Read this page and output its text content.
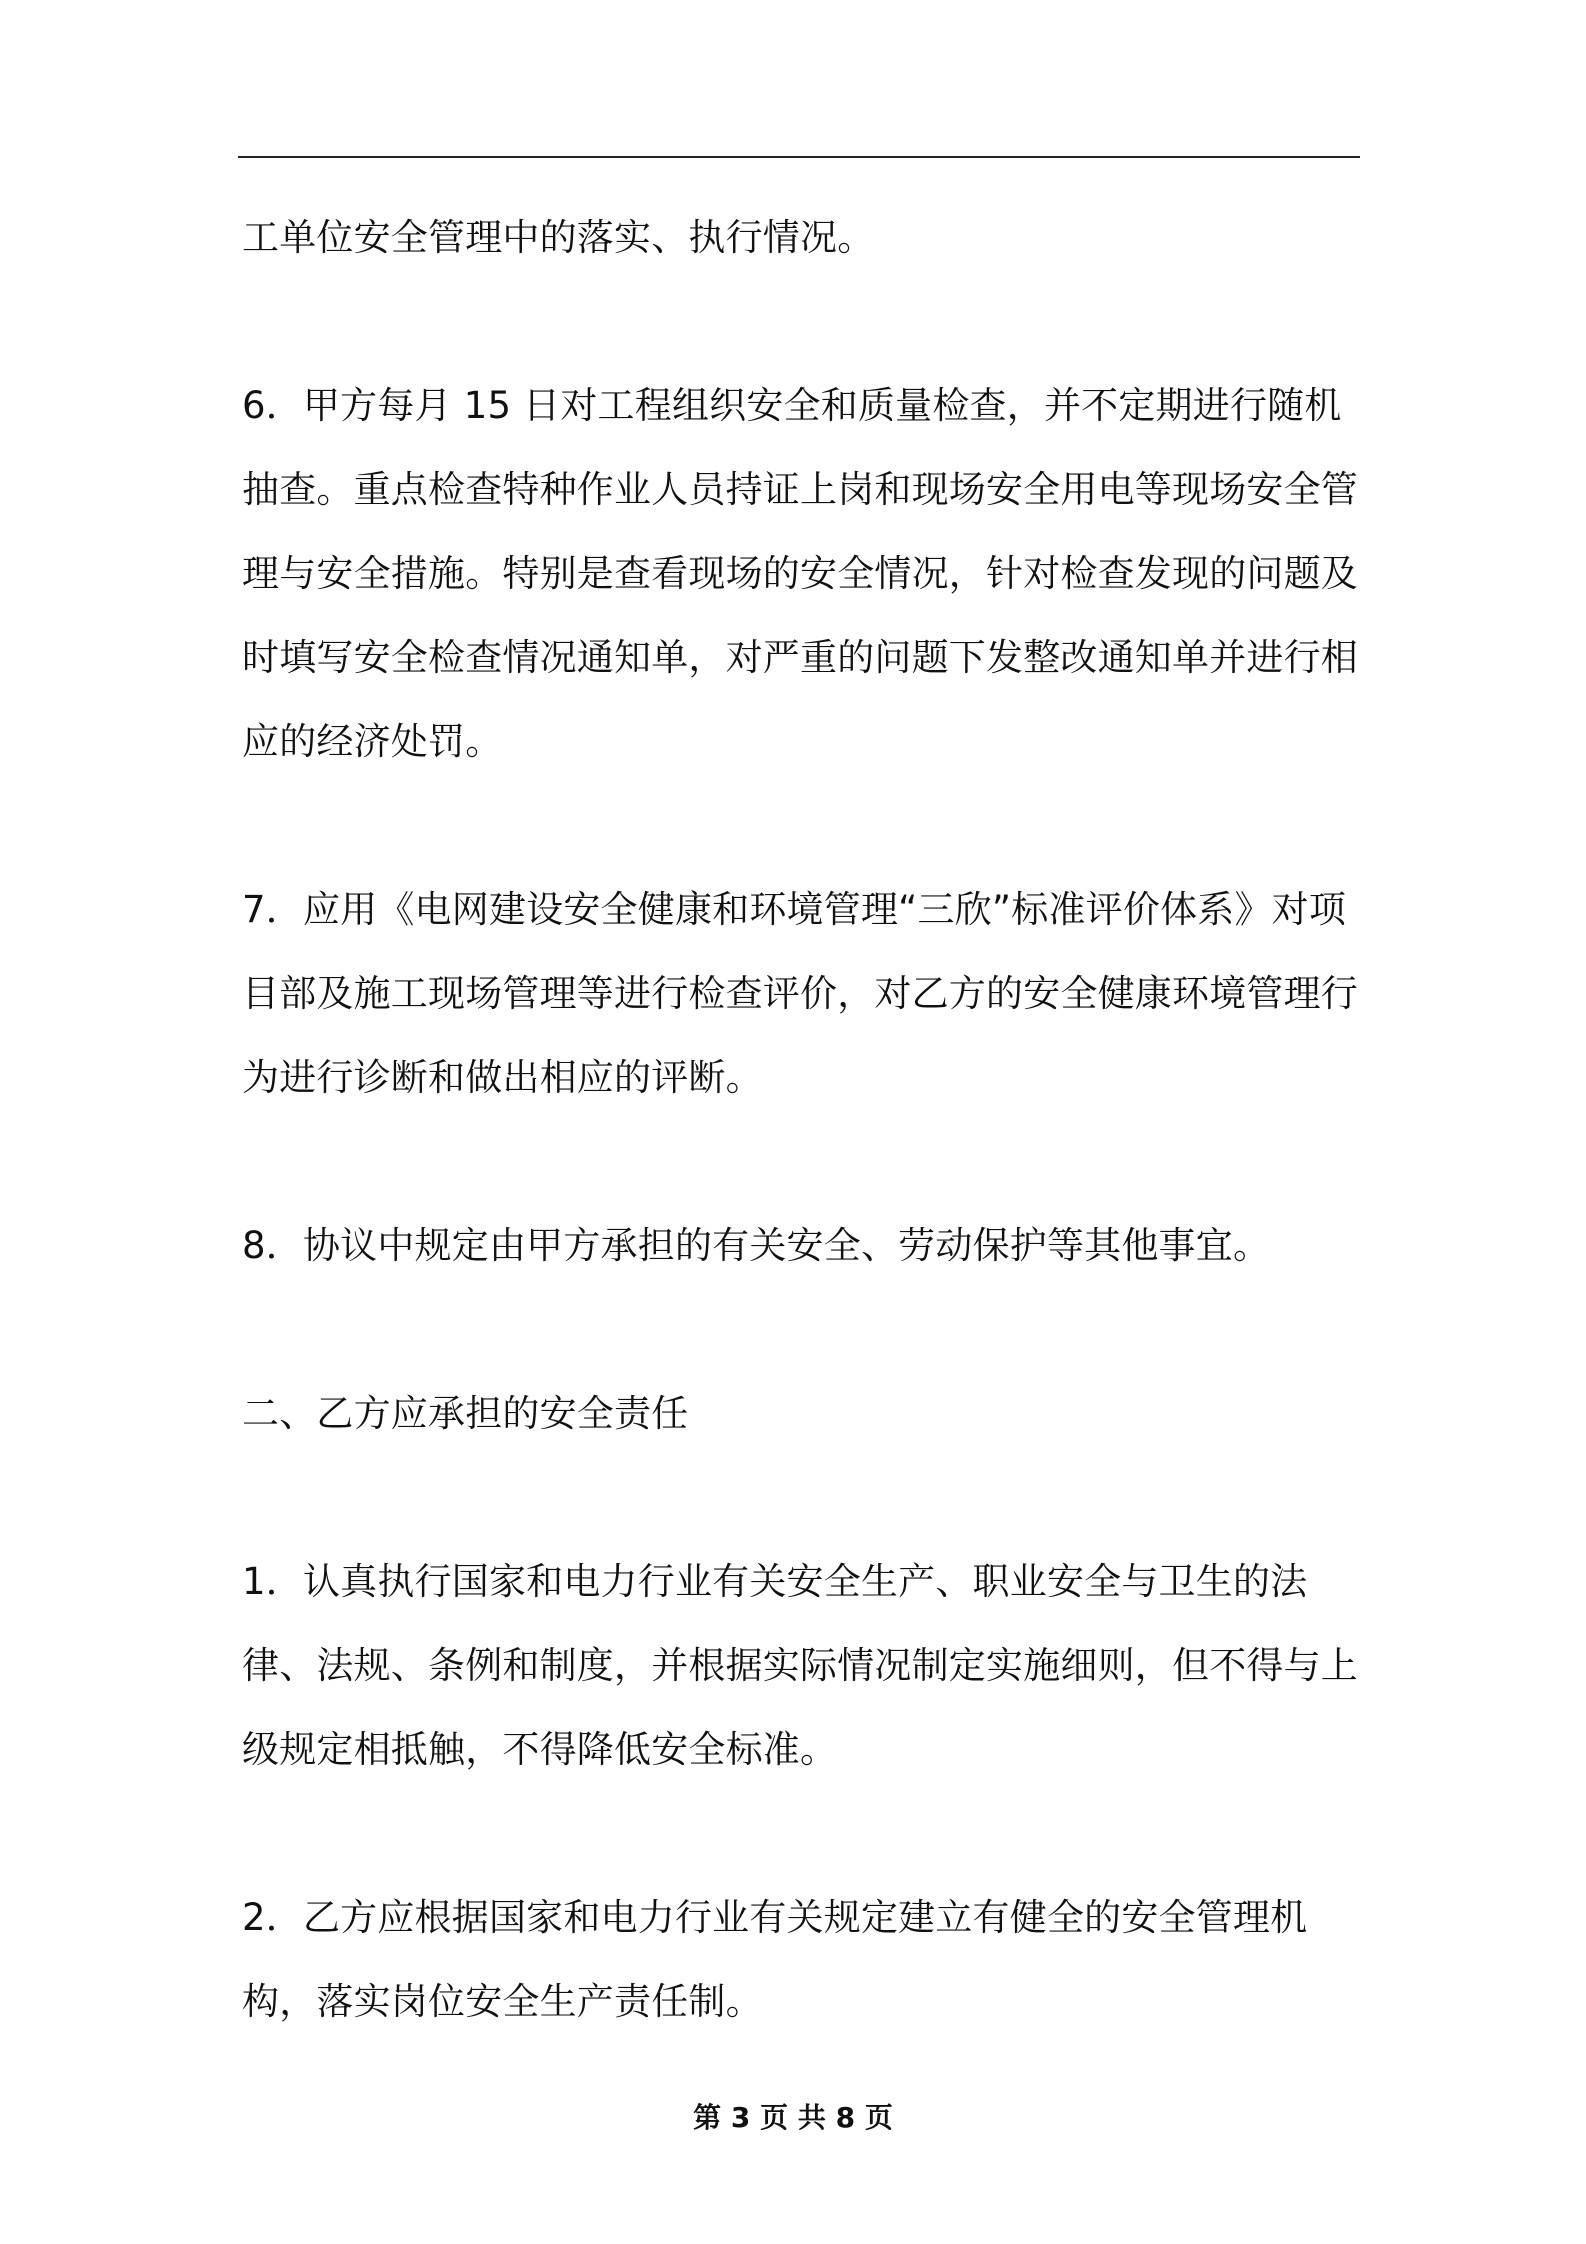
工单位安全管理中的落实、执行情况。

6．甲方每月 15 日对工程组织安全和质量检查，并不定期进行随机抽查。重点检查特种作业人员持证上岗和现场安全用电等现场安全管理与安全措施。特别是查看现场的安全情况，针对检查发现的问题及时填写安全检查情况通知单，对严重的问题下发整改通知单并进行相应的经济处罚。

7．应用《电网建设安全健康和环境管理“三欣”标准评价体系》对项目部及施工现场管理等进行检查评价，对乙方的安全健康环境管理行为进行诊断和做出相应的评断。

8．协议中规定由甲方承担的有关安全、劳动保护等其他事宜。

二、乙方应承担的安全责任

1．认真执行国家和电力行业有关安全生产、职业安全与卫生的法律、法规、条例和制度，并根据实际情况制定实施细则，但不得与上级规定相抵触，不得降低安全标准。

2．乙方应根据国家和电力行业有关规定建立有健全的安全管理机构，落实岗位安全生产责任制。

第 3 页 共 8 页
